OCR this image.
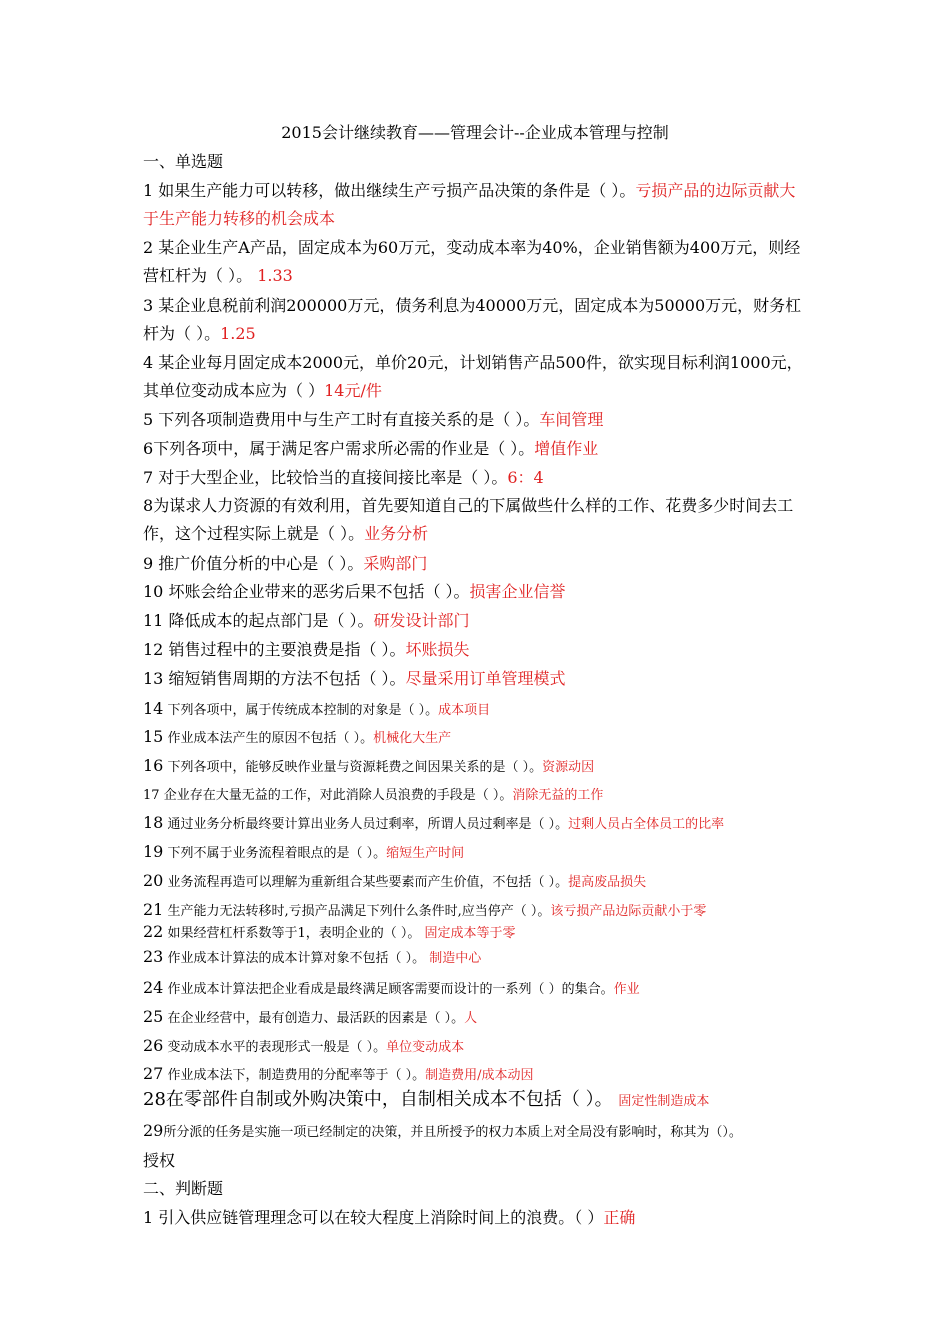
2015会计继续教育——管理会计--企业成本管理与控制
一、单选题
1 如果生产能力可以转移，做出继续生产亏损产品决策的条件是（ ）。亏损产品的边际贡献大于生产能力转移的机会成本
2 某企业生产A产品，固定成本为60万元，变动成本率为40%，企业销售额为400万元，则经营杠杆为（ ）。 1.33
3 某企业息税前利润200000万元，债务利息为40000万元，固定成本为50000万元，财务杠杆为（ ）。1.25
4 某企业每月固定成本2000元，单价20元，计划销售产品500件，欲实现目标利润1000元，其单位变动成本应为（ ）14元/件
5 下列各项制造费用中与生产工时有直接关系的是（ ）。车间管理
6下列各项中，属于满足客户需求所必需的作业是（ ）。增值作业
7 对于大型企业，比较恰当的直接间接比率是（ ）。6：4
8为谋求人力资源的有效利用，首先要知道自己的下属做些什么样的工作、花费多少时间去工作，这个过程实际上就是（ ）。业务分析
9 推广价值分析的中心是（ ）。采购部门
10 坏账会给企业带来的恶劣后果不包括（ ）。损害企业信誉
11 降低成本的起点部门是（ ）。研发设计部门
12 销售过程中的主要浪费是指（ ）。坏账损失
13 缩短销售周期的方法不包括（ ）。尽量采用订单管理模式
14 下列各项中，属于传统成本控制的对象是（ ）。成本项目
15 作业成本法产生的原因不包括（ ）。机械化大生产
16 下列各项中，能够反映作业量与资源耗费之间因果关系的是（ ）。资源动因
17 企业存在大量无益的工作，对此消除人员浪费的手段是（ ）。消除无益的工作
18 通过业务分析最终要计算出业务人员过剩率，所谓人员过剩率是（ ）。过剩人员占全体员工的比率
19 下列不属于业务流程着眼点的是（ ）。缩短生产时间
20 业务流程再造可以理解为重新组合某些要素而产生价值，不包括（ ）。提高废品损失
21 生产能力无法转移时,亏损产品满足下列什么条件时,应当停产（ ）。该亏损产品边际贡献小于零
22 如果经营杠杆系数等于1，表明企业的（ ）。 固定成本等于零
23 作业成本计算法的成本计算对象不包括（ ）。 制造中心
24 作业成本计算法把企业看成是最终满足顾客需要而设计的一系列（ ）的集合。作业
25 在企业经营中，最有创造力、最活跃的因素是（ ）。人
26 变动成本水平的表现形式一般是（ ）。单位变动成本
27 作业成本法下，制造费用的分配率等于（ ）。制造费用/成本动因
28在零部件自制或外购决策中，自制相关成本不包括（ ）。 固定性制造成本
29所分派的任务是实施一项已经制定的决策，并且所授予的权力本质上对全局没有影响时，称其为（）。
授权
二、判断题
1 引入供应链管理理念可以在较大程度上消除时间上的浪费。（ ）正确
